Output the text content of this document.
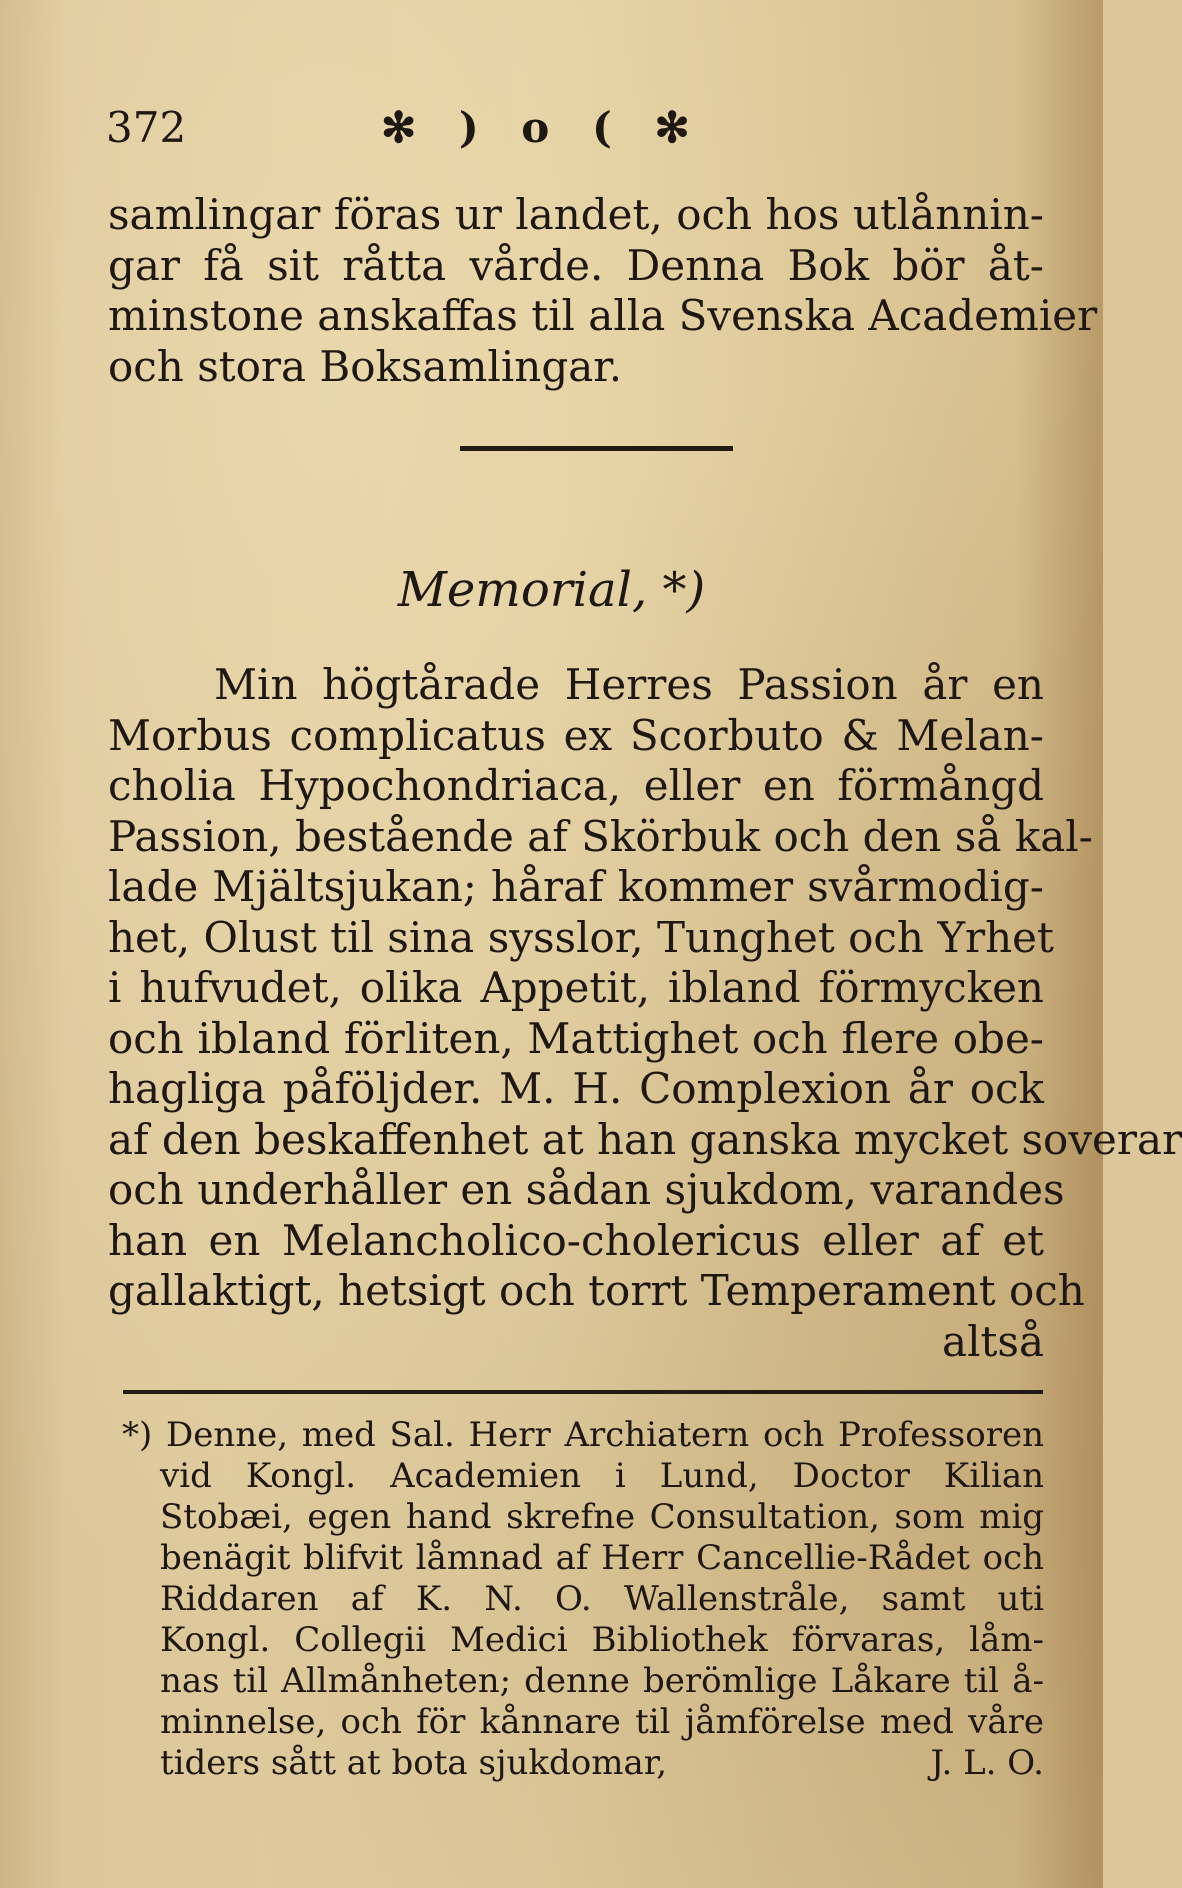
372	✻ ) o ( ✻
samlingar föras ur landet, och hos utlånnin-
gar få sit råtta vårde. Denna Bok bör åt-
minstone anskaffas til alla Svenska Academier
och stora Boksamlingar.
Memorial, *)
Min högtårade Herres Passion år en
Morbus complicatus ex Scorbuto & Melan-
cholia Hypochondriaca, eller en förmångd
Passion, bestående af Skörbuk och den så kal-
lade Mjältsjukan; håraf kommer svårmodig-
het, Olust til sina sysslor, Tunghet och Yrhet
i hufvudet, olika Appetit, ibland förmycken
och ibland förliten, Mattighet och flere obe-
hagliga påföljder. M. H. Complexion år ock
af den beskaffenhet at han ganska mycket soverar
och underhåller en sådan sjukdom, varandes
han en Melancholico-cholericus eller af et
gallaktigt, hetsigt och torrt Temperament och
altså
*) Denne, med Sal. Herr Archiatern och Professoren
vid Kongl. Academien i Lund, Doctor Kilian
Stobæi, egen hand skrefne Consultation, som mig
benägit blifvit låmnad af Herr Cancellie-Rådet och
Riddaren af K. N. O. Wallenstråle, samt uti
Kongl. Collegii Medici Bibliothek förvaras, låm-
nas til Allmånheten; denne berömlige Låkare til å-
minnelse, och för kånnare til jåmförelse med våre
tiders sått at bota sjukdomar,	J. L. O.
